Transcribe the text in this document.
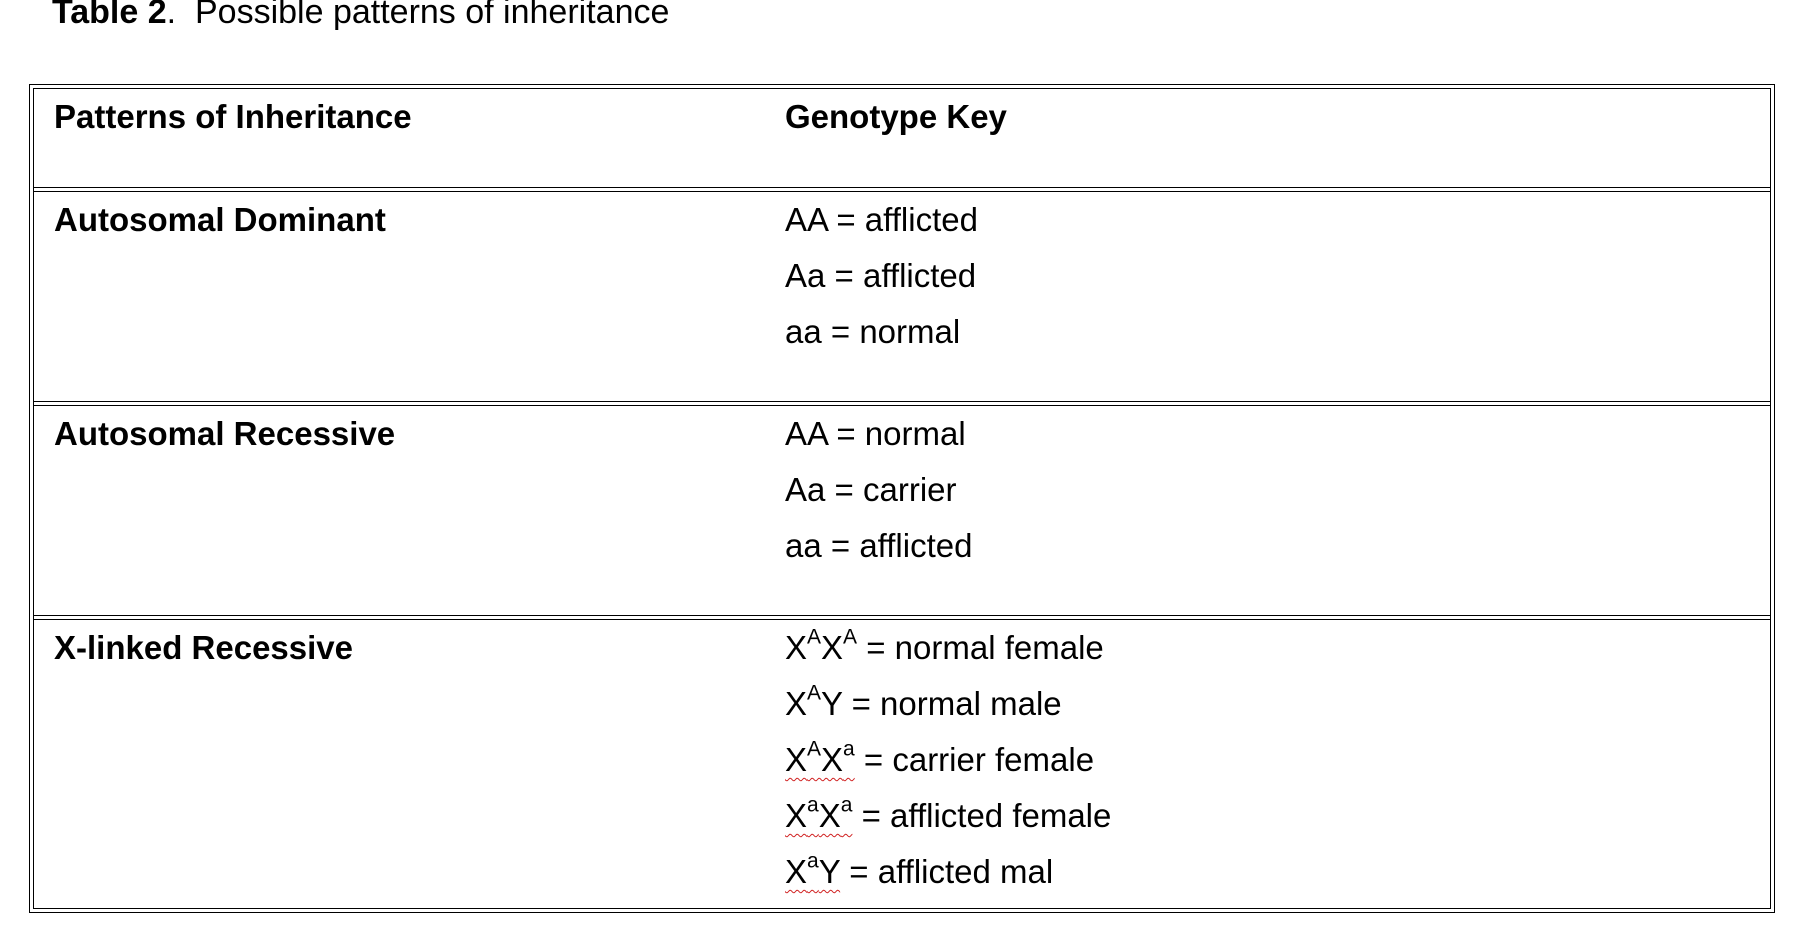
Table 2. Possible patterns of inheritance
Patterns of Inheritance	Genotype Key
Autosomal Dominant	AA = afflicted
Aa = afflicted
aa = normal
Autosomal Recessive	AA = normal
Aa = carrier
aa = afflicted
X-linked Recessive	$X^AX^A$ = normal female
$X^AY$ = normal male
$X^AX^a$ = carrier female
$X^aX^a$ = afflicted female
$X^aY$ = afflicted mal
